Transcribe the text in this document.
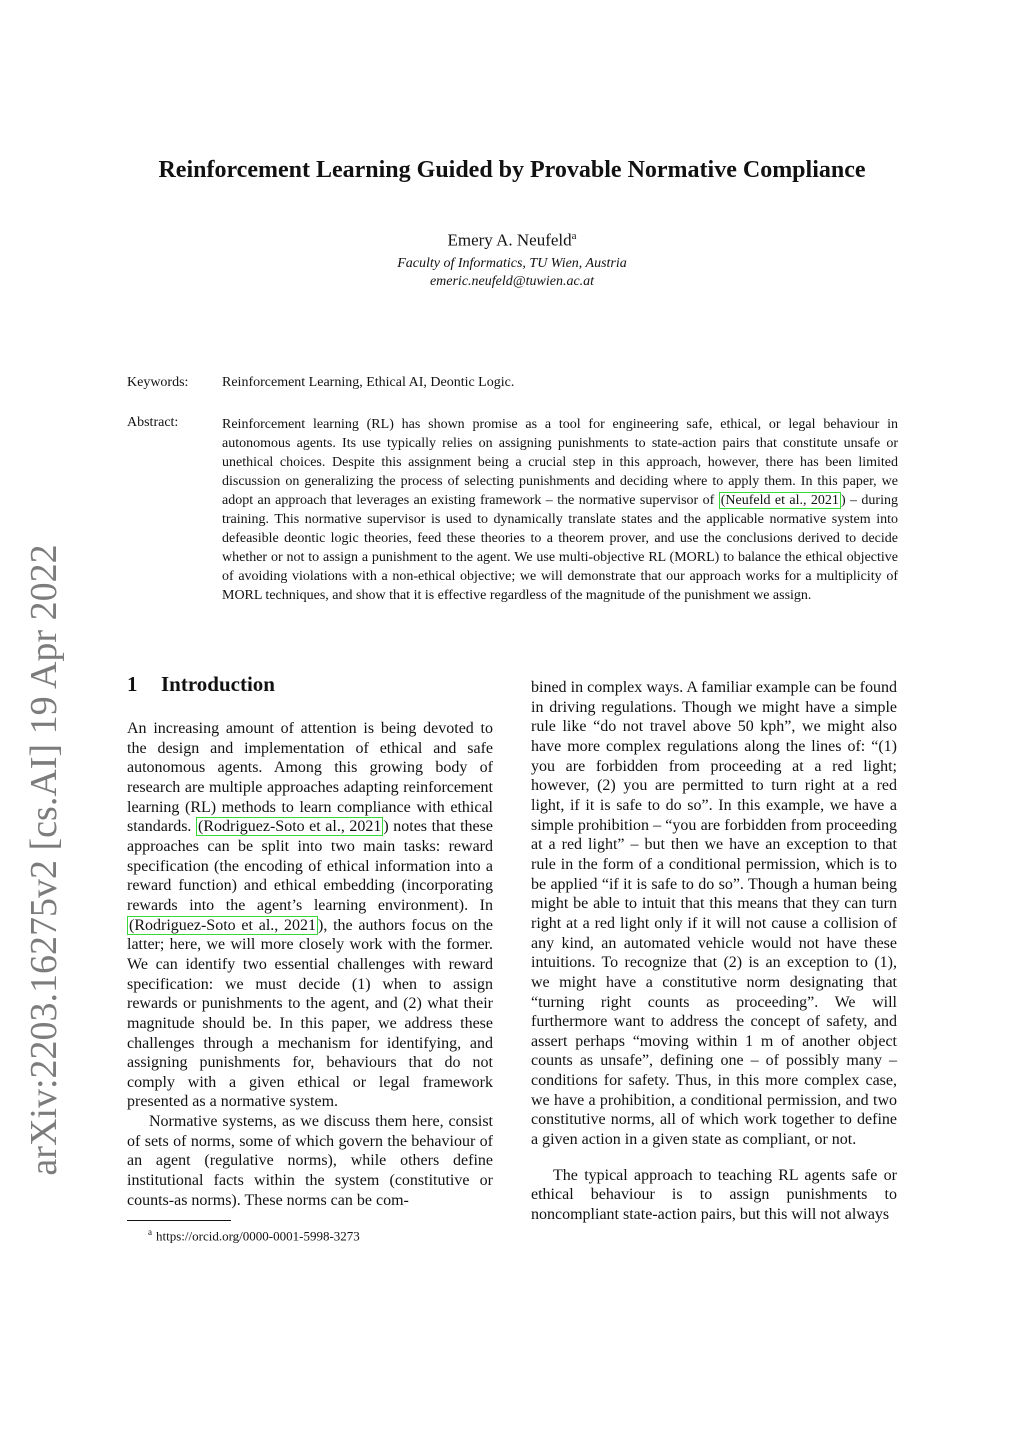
Reinforcement Learning Guided by Provable Normative Compliance
Emery A. Neufeld$^a$
Faculty of Informatics, TU Wien, Austria
emeric.neufeld@tuwien.ac.at
Keywords: Reinforcement Learning, Ethical AI, Deontic Logic.
Abstract:	Reinforcement learning (RL) has shown promise as a tool for engineering safe, ethical, or legal behaviour in autonomous agents. Its use typically relies on assigning punishments to state-action pairs that constitute unsafe or unethical choices. Despite this assignment being a crucial step in this approach, however, there has been limited discussion on generalizing the process of selecting punishments and deciding where to apply them. In this paper, we adopt an approach that leverages an existing framework – the normative supervisor of (Neufeld et al., 2021 ) – during training. This normative supervisor is used to dynamically translate states and the applicable normative system into defeasible deontic logic theories, feed these theories to a theorem prover, and use the conclusions derived to decide whether or not to assign a punishment to the agent. We use multi-objective RL (MORL) to balance the ethical objective of avoiding violations with a non-ethical objective; we will demonstrate that our approach works for a multiplicity of MORL techniques, and show that it is effective regardless of the magnitude of the punishment we assign.

arXiv:2203.16275v2 [cs.AI] 19 Apr 2022	1 Introduction

An increasing amount of attention is being devoted to the design and implementation of ethical and safe autonomous agents. Among this growing body of research are multiple approaches adapting reinforcement learning (RL) methods to learn compliance with ethical standards. (Rodriguez-Soto et al., 2021 ) notes that these approaches can be split into two main tasks: reward specification (the encoding of ethical information into a reward function) and ethical embedding (incorporating rewards into the agent’s learning environment). In (Rodriguez-Soto et al., 2021 ), the authors focus on the latter; here, we will more closely work with the former. We can identify two essential challenges with reward specification: we must decide (1) when to assign rewards or punishments to the agent, and (2) what their magnitude should be. In this paper, we address these challenges through a mechanism for identifying, and assigning punishments for, behaviours that do not comply with a given ethical or legal framework presented as a normative system.

Normative systems, as we discuss them here, consist of sets of norms, some of which govern the behaviour of an agent (regulative norms), while others define institutional facts within the system (constitutive or counts-as norms). These norms can be com-

bined in complex ways. A familiar example can be found in driving regulations. Though we might have a simple rule like “do not travel above 50 kph”, we might also have more complex regulations along the lines of: “(1) you are forbidden from proceeding at a red light; however, (2) you are permitted to turn right at a red light, if it is safe to do so”. In this example, we have a simple prohibition – “you are forbidden from proceeding at a red light” – but then we have an exception to that rule in the form of a conditional permission, which is to be applied “if it is safe to do so”. Though a human being might be able to intuit that this means that they can turn right at a red light only if it will not cause a collision of any kind, an automated vehicle would not have these intuitions. To recognize that (2) is an exception to (1), we might have a constitutive norm designating that “turning right counts as proceeding”. We will furthermore want to address the concept of safety, and assert perhaps “moving within 1 m of another object counts as unsafe”, defining one – of possibly many – conditions for safety. Thus, in this more complex case, we have a prohibition, a conditional permission, and two constitutive norms, all of which work together to define a given action in a given state as compliant, or not.

The typical approach to teaching RL agents safe or ethical behaviour is to assign punishments to noncompliant state-action pairs, but this will not always

$^a$ https://orcid.org/0000-0001-5998-3273
